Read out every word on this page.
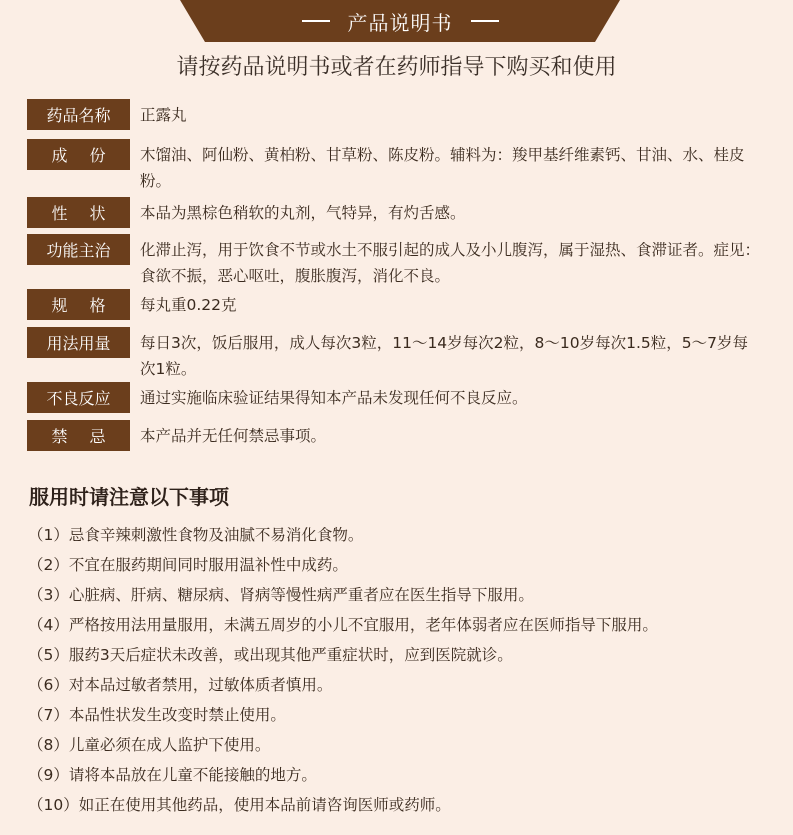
产品说明书
请按药品说明书或者在药师指导下购买和使用
药品名称	正露丸
成份 木馏油、阿仙粉、黄柏粉、甘草粉、陈皮粉。辅料为：羧甲基纤维素钙、甘油、水、桂皮粉。
性状 本品为黑棕色稍软的丸剂，气特异，有灼舌感。
功能主治	化滞止泻，用于饮食不节或水土不服引起的成人及小儿腹泻，属于湿热、食滞证者。症见：食欲不振，恶心呕吐，腹胀腹泻，消化不良。
规格 每丸重0.22克
用法用量	每日3次，饭后服用，成人每次3粒，11～14岁每次2粒，8～10岁每次1.5粒，5～7岁每次1粒。
不良反应	通过实施临床验证结果得知本产品未发现任何不良反应。
禁忌 本产品并无任何禁忌事项。
服用时请注意以下事项
（1）忌食辛辣刺激性食物及油腻不易消化食物。
（2）不宜在服药期间同时服用温补性中成药。
（3）心脏病、肝病、糖尿病、肾病等慢性病严重者应在医生指导下服用。
（4）严格按用法用量服用，未满五周岁的小儿不宜服用，老年体弱者应在医师指导下服用。
（5）服药3天后症状未改善，或出现其他严重症状时，应到医院就诊。
（6）对本品过敏者禁用，过敏体质者慎用。
（7）本品性状发生改变时禁止使用。
（8）儿童必须在成人监护下使用。
（9）请将本品放在儿童不能接触的地方。
（10）如正在使用其他药品，使用本品前请咨询医师或药师。
